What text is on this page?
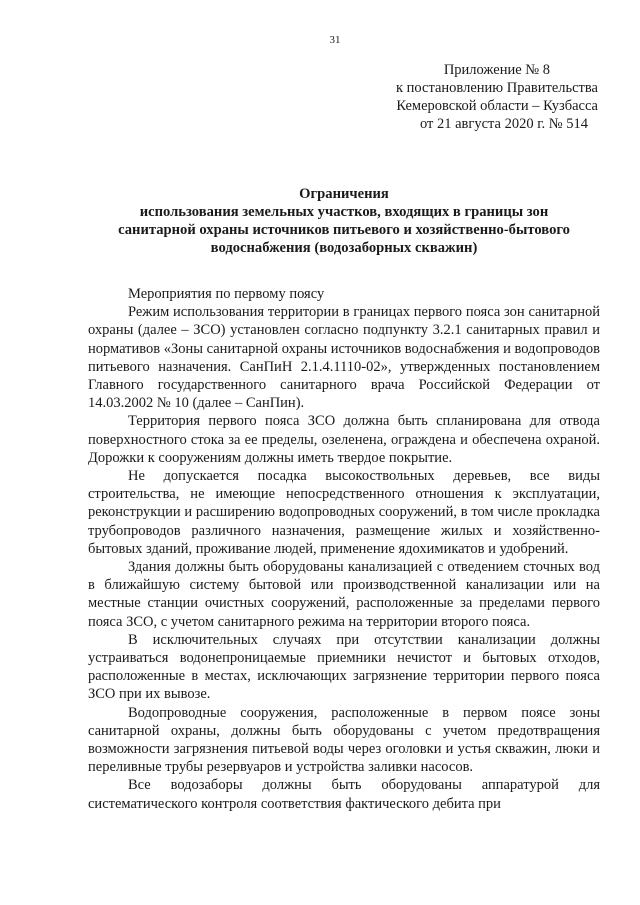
31
Приложение № 8
к постановлению Правительства
Кемеровской области – Кузбасса
от 21 августа 2020 г. № 514
Ограничения
использования земельных участков, входящих в границы зон
санитарной охраны источников питьевого и хозяйственно-бытового
водоснабжения (водозаборных скважин)

Мероприятия по первому поясу

Режим использования территории в границах первого пояса зон санитарной охраны (далее – ЗСО) установлен согласно подпункту 3.2.1 санитарных правил и нормативов «Зоны санитарной охраны источников водоснабжения и водопроводов питьевого назначения. СанПиН 2.1.4.1110-02», утвержденных постановлением Главного государственного санитарного врача Российской Федерации от 14.03.2002 № 10 (далее – СанПин).

Территория первого пояса ЗСО должна быть спланирована для отвода поверхностного стока за ее пределы, озеленена, ограждена и обеспечена охраной. Дорожки к сооружениям должны иметь твердое покрытие.

Не допускается посадка высокоствольных деревьев, все виды строительства, не имеющие непосредственного отношения к эксплуатации, реконструкции и расширению водопроводных сооружений, в том числе прокладка трубопроводов различного назначения, размещение жилых и хозяйственно-бытовых зданий, проживание людей, применение ядохимикатов и удобрений.

Здания должны быть оборудованы канализацией с отведением сточных вод в ближайшую систему бытовой или производственной канализации или на местные станции очистных сооружений, расположенные за пределами первого пояса ЗСО, с учетом санитарного режима на территории второго пояса.

В исключительных случаях при отсутствии канализации должны устраиваться водонепроницаемые приемники нечистот и бытовых отходов, расположенные в местах, исключающих загрязнение территории первого пояса ЗСО при их вывозе.

Водопроводные сооружения, расположенные в первом поясе зоны санитарной охраны, должны быть оборудованы с учетом предотвращения возможности загрязнения питьевой воды через оголовки и устья скважин, люки и переливные трубы резервуаров и устройства заливки насосов.

Все водозаборы должны быть оборудованы аппаратурой для систематического контроля соответствия фактического дебита при
